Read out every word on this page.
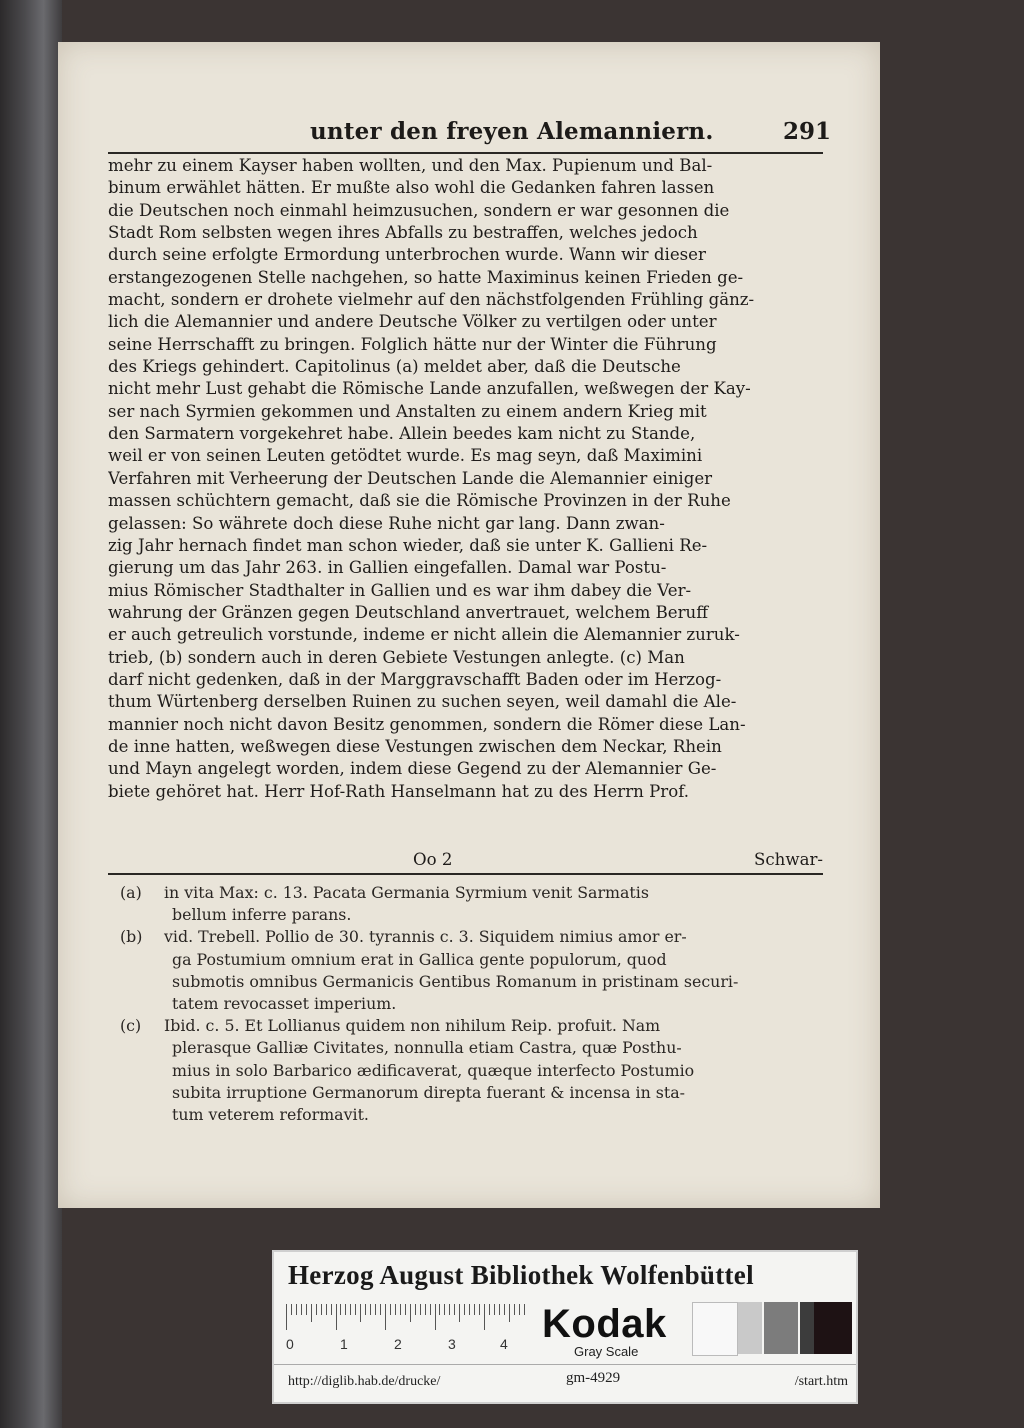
unter den freyen Alemanniern.	291
mehr zu einem Kayser haben wollten, und den Max. Pupienum und Bal-
binum erwählet hätten. Er mußte also wohl die Gedanken fahren lassen
die Deutschen noch einmahl heimzusuchen, sondern er war gesonnen die
Stadt Rom selbsten wegen ihres Abfalls zu bestraffen, welches jedoch
durch seine erfolgte Ermordung unterbrochen wurde. Wann wir dieser
erstangezogenen Stelle nachgehen, so hatte Maximinus keinen Frieden ge-
macht, sondern er drohete vielmehr auf den nächstfolgenden Frühling gänz-
lich die Alemannier und andere Deutsche Völker zu vertilgen oder unter
seine Herrschafft zu bringen. Folglich hätte nur der Winter die Führung
des Kriegs gehindert. Capitolinus (a) meldet aber, daß die Deutsche
nicht mehr Lust gehabt die Römische Lande anzufallen, weßwegen der Kay-
ser nach Syrmien gekommen und Anstalten zu einem andern Krieg mit
den Sarmatern vorgekehret habe. Allein beedes kam nicht zu Stande,
weil er von seinen Leuten getödtet wurde. Es mag seyn, daß Maximini
Verfahren mit Verheerung der Deutschen Lande die Alemannier einiger
massen schüchtern gemacht, daß sie die Römische Provinzen in der Ruhe
gelassen: So währete doch diese Ruhe nicht gar lang. Dann zwan-
zig Jahr hernach findet man schon wieder, daß sie unter K. Gallieni Re-
gierung um das Jahr 263. in Gallien eingefallen. Damal war Postu-
mius Römischer Stadthalter in Gallien und es war ihm dabey die Ver-
wahrung der Gränzen gegen Deutschland anvertrauet, welchem Beruff
er auch getreulich vorstunde, indeme er nicht allein die Alemannier zuruk-
trieb, (b) sondern auch in deren Gebiete Vestungen anlegte. (c) Man
darf nicht gedenken, daß in der Marggravschafft Baden oder im Herzog-
thum Würtenberg derselben Ruinen zu suchen seyen, weil damahl die Ale-
mannier noch nicht davon Besitz genommen, sondern die Römer diese Lan-
de inne hatten, weßwegen diese Vestungen zwischen dem Neckar, Rhein
und Mayn angelegt worden, indem diese Gegend zu der Alemannier Ge-
biete gehöret hat. Herr Hof-Rath Hanselmann hat zu des Herrn Prof.
Oo 2	Schwar-
(a) in vita Max: c. 13. Pacata Germania Syrmium venit Sarmatis
bellum inferre parans.
(b) vid. Trebell. Pollio de 30. tyrannis c. 3. Siquidem nimius amor er-
ga Postumium omnium erat in Gallica gente populorum, quod
submotis omnibus Germanicis Gentibus Romanum in pristinam securi-
tatem revocasset imperium.
(c) Ibid. c. 5. Et Lollianus quidem non nihilum Reip. profuit. Nam
plerasque Galliæ Civitates, nonnulla etiam Castra, quæ Posthu-
mius in solo Barbarico ædificaverat, quæque interfecto Postumio
subita irruptione Germanorum direpta fuerant & incensa in sta-
tum veterem reformavit.
Herzog August Bibliothek Wolfenbüttel
0	1	2	3	4 Kodak
Gray Scale
http://diglib.hab.de/drucke/	gm-4929	/start.htm
